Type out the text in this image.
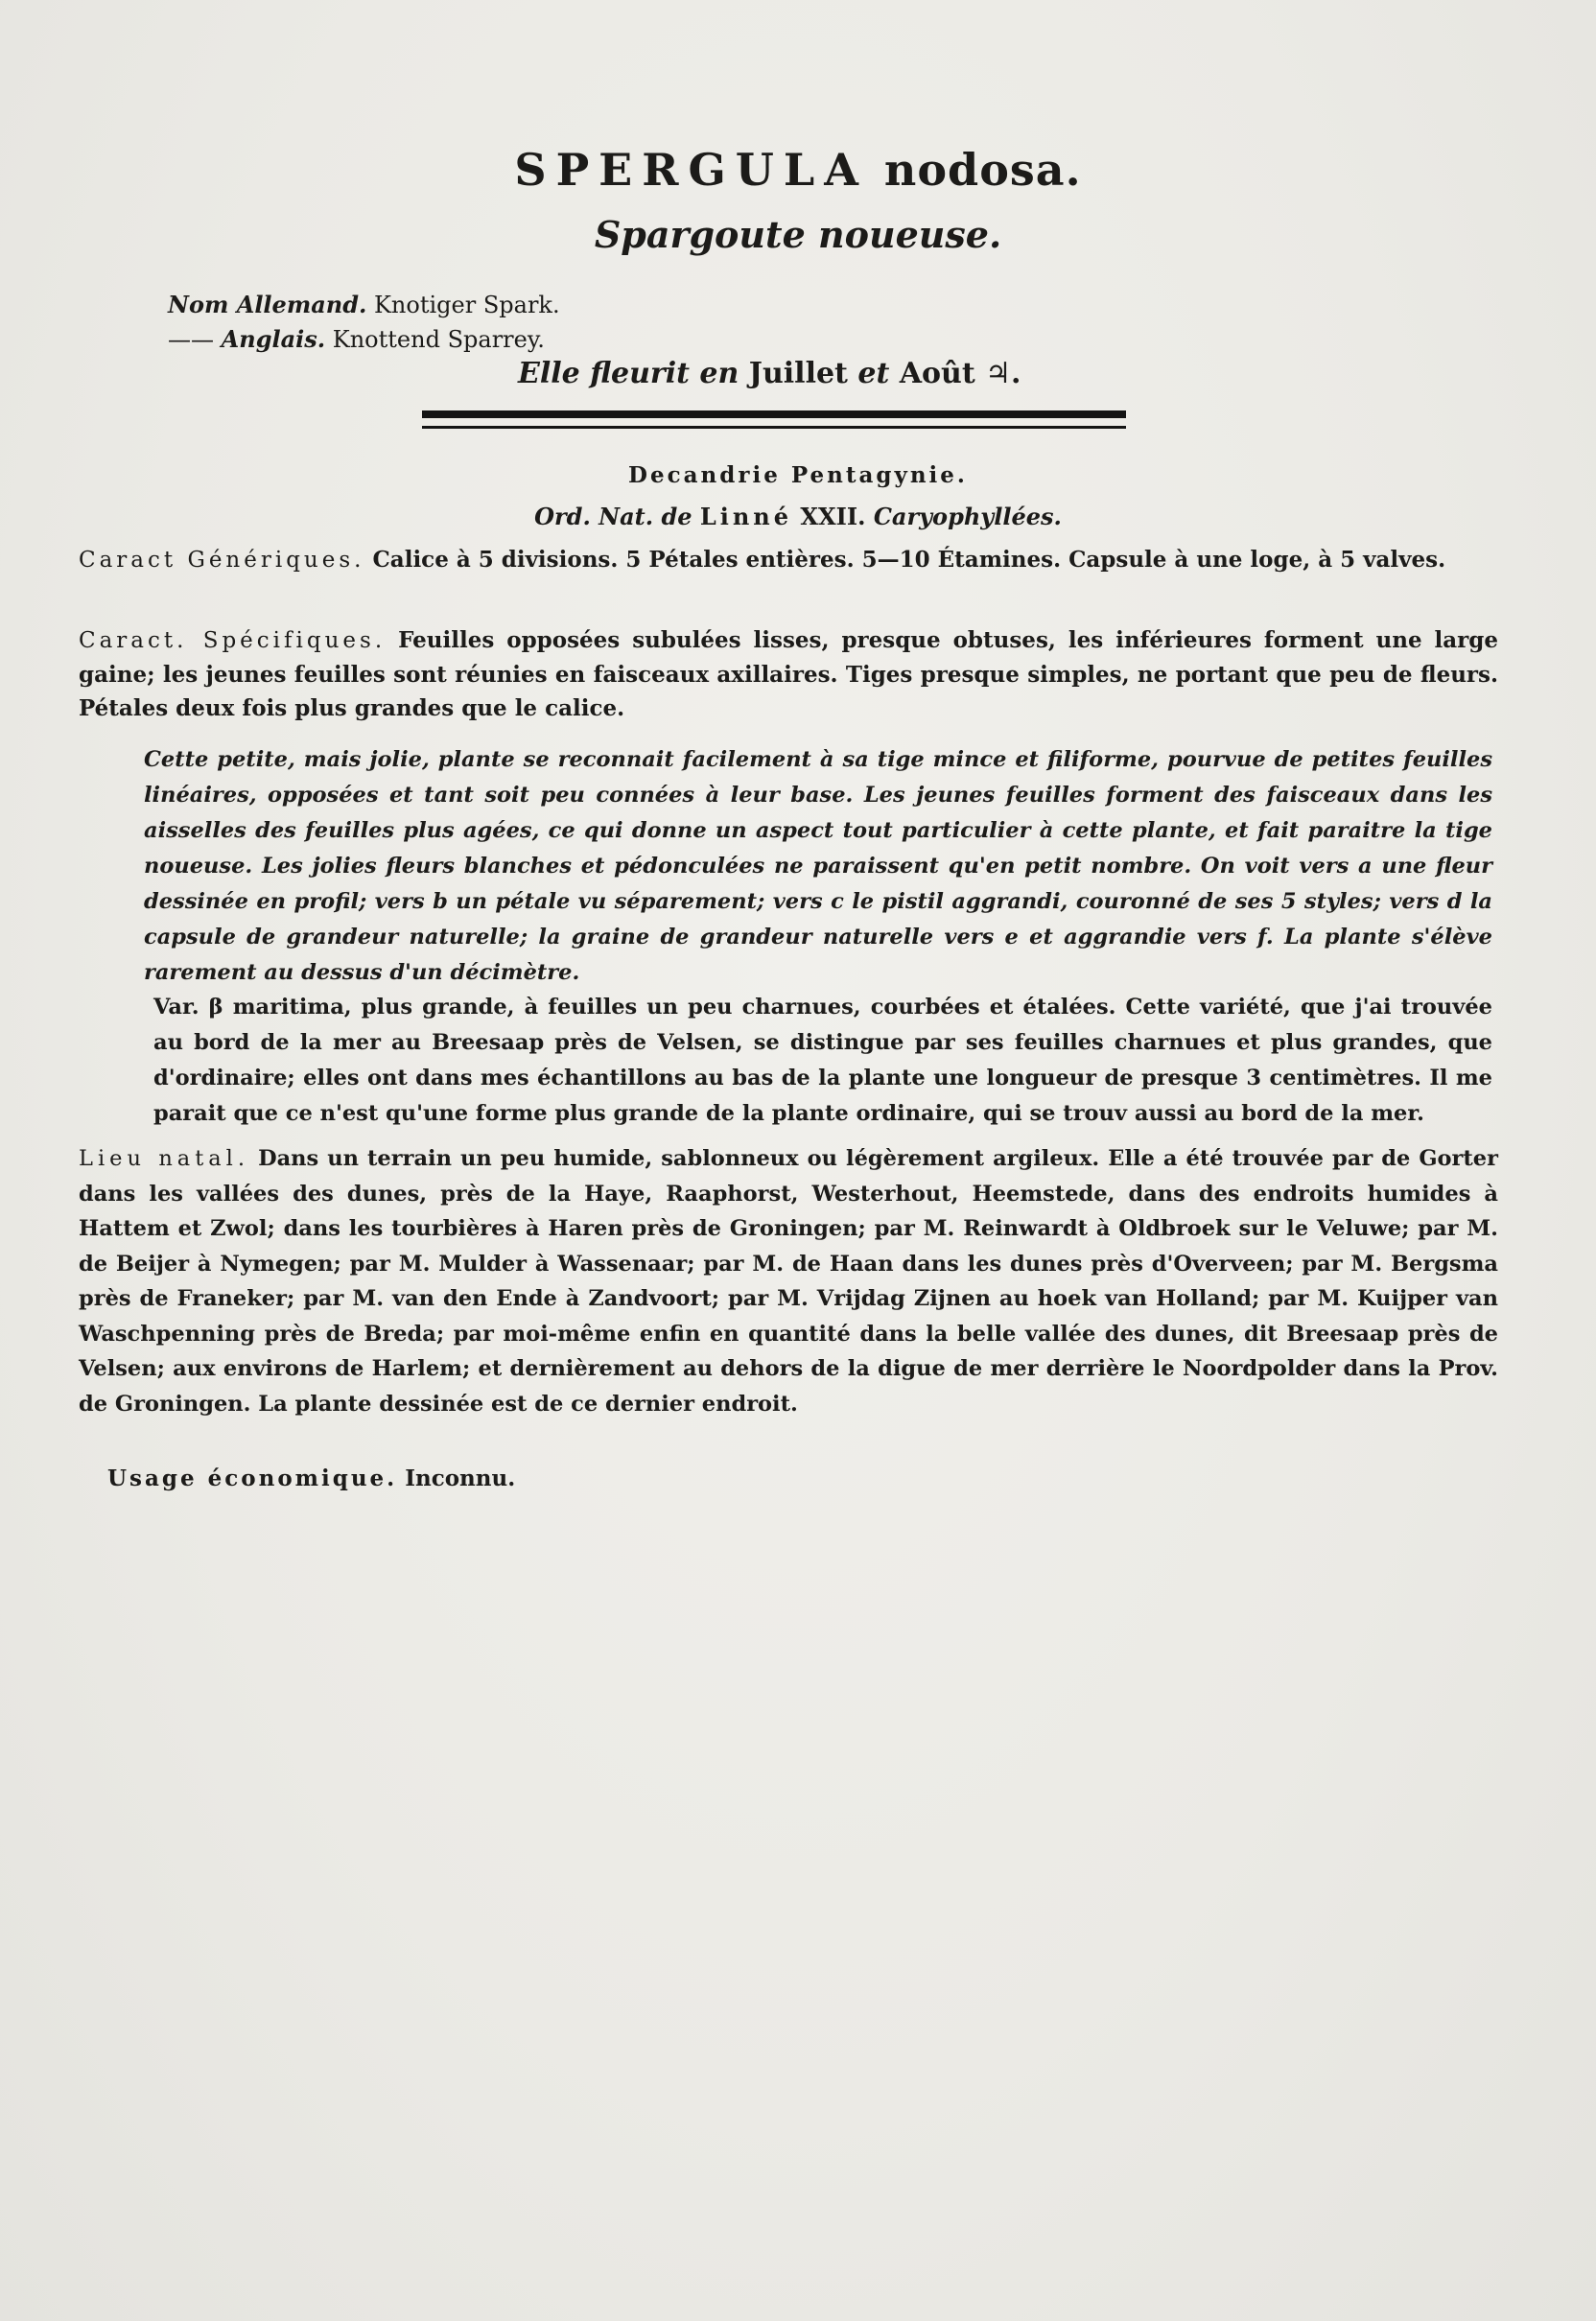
SPERGULA nodosa.
Spargoute noueuse.
Nom Allemand. Knotiger Spark.
—— Anglais. Knottend Sparrey.
Elle fleurit en Juillet et Août ♃.
Decandrie Pentagynie.
Ord. Nat. de Linné XXII. Caryophyllées.
Caract Génériques. Calice à 5 divisions. 5 Pétales entières. 5—10 Étamines. Capsule à une loge, à 5 valves.
Caract. Spécifiques. Feuilles opposées subulées lisses, presque obtuses, les inférieures forment une large gaine; les jeunes feuilles sont réunies en faisceaux axillaires. Tiges presque simples, ne portant que peu de fleurs. Pétales deux fois plus grandes que le calice.
Cette petite, mais jolie, plante se reconnait facilement à sa tige mince et filiforme, pourvue de petites feuilles linéaires, opposées et tant soit peu connées à leur base. Les jeunes feuilles forment des faisceaux dans les aisselles des feuilles plus agées, ce qui donne un aspect tout particulier à cette plante, et fait paraitre la tige noueuse. Les jolies fleurs blanches et pédonculées ne paraissent qu'en petit nombre. On voit vers a une fleur dessinée en profil; vers b un pétale vu séparement; vers c le pistil aggrandi, couronné de ses 5 styles; vers d la capsule de grandeur naturelle; la graine de grandeur naturelle vers e et aggrandie vers f. La plante s'élève rarement au dessus d'un décimètre.
Var. β maritima, plus grande, à feuilles un peu charnues, courbées et étalées. Cette variété, que j'ai trouvée au bord de la mer au Breesaap près de Velsen, se distingue par ses feuilles charnues et plus grandes, que d'ordinaire; elles ont dans mes échantillons au bas de la plante une longueur de presque 3 centimètres. Il me parait que ce n'est qu'une forme plus grande de la plante ordinaire, qui se trouv aussi au bord de la mer.
Lieu natal. Dans un terrain un peu humide, sablonneux ou légèrement argileux. Elle a été trouvée par de Gorter dans les vallées des dunes, près de la Haye, Raaphorst, Westerhout, Heemstede, dans des endroits humides à Hattem et Zwol; dans les tourbières à Haren près de Groningen; par M. Reinwardt à Oldbroek sur le Veluwe; par M. de Beijer à Nymegen; par M. Mulder à Wassenaar; par M. de Haan dans les dunes près d'Overveen; par M. Bergsma près de Franeker; par M. van den Ende à Zandvoort; par M. Vrijdag Zijnen au hoek van Holland; par M. Kuijper van Waschpenning près de Breda; par moi-même enfin en quantité dans la belle vallée des dunes, dit Breesaap près de Velsen; aux environs de Harlem; et dernièrement au dehors de la digue de mer derrière le Noordpolder dans la Prov. de Groningen. La plante dessinée est de ce dernier endroit.
Usage économique. Inconnu.
